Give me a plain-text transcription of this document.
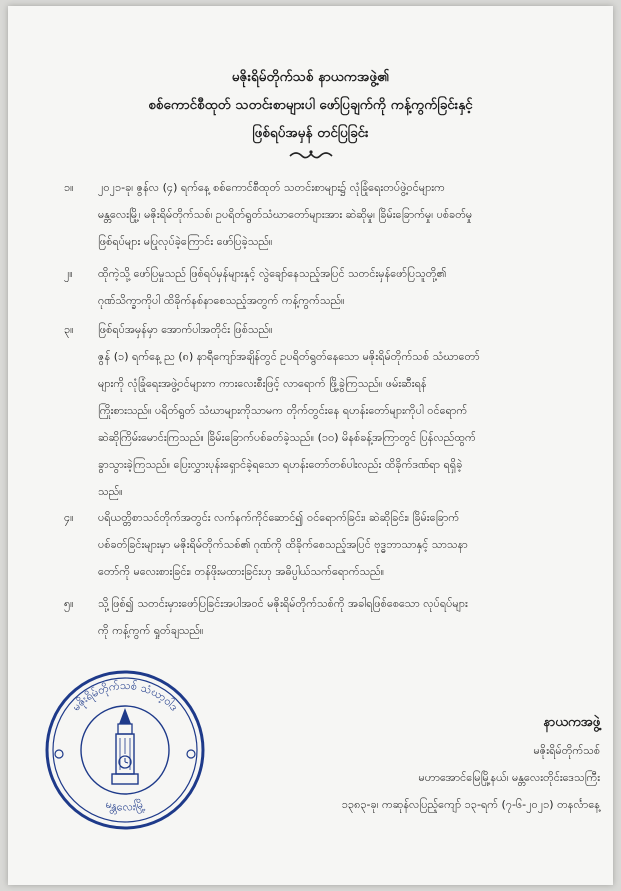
မဇိုးရိမ်တိုက်သစ် နာယကအဖွဲ့၏
စစ်ကောင်စီထုတ် သတင်းစာများပါ ဖော်ပြချက်ကို ကန့်ကွက်ခြင်းနှင့်
ဖြစ်ရပ်အမှန် တင်ပြခြင်း
၁။	၂၀၂၁-ခု၊ ဇွန်လ (၄) ရက်နေ့ စစ်ကောင်စီထုတ် သတင်းစာများ၌ လုံခြုံရေးတပ်ဖွဲ့ဝင်များက
မန္တလေးမြို့၊ မဇိုးရိမ်တိုက်သစ်၊ ဥပရိတ်ရွတ်သံဃာတော်များအား ဆဲဆိုမှု၊ ခြိမ်းခြောက်မှု၊ ပစ်ခတ်မှု
ဖြစ်ရပ်များ မပြုလုပ်ခဲ့ကြောင်း ဖော်ပြခဲ့သည်။
၂။	ထိုကဲ့သို့ ဖော်ပြမှုသည် ဖြစ်ရပ်မှန်များနှင့် လွဲချော်နေသည့်အပြင် သတင်းမှန်ဖော်ပြသူတို့၏
ဂုဏ်သိက္ခာကိုပါ ထိခိုက်နစ်နာစေသည့်အတွက် ကန့်ကွက်သည်။
၃။	ဖြစ်ရပ်အမှန်မှာ အောက်ပါအတိုင်း ဖြစ်သည်။
ဇွန် (၁) ရက်နေ့ ည (၈) နာရီကျော်အချိန်တွင် ဥပရိတ်ရွတ်နေသော မဇိုးရိမ်တိုက်သစ် သံဃာတော်
များကို လုံခြုံရေးအဖွဲ့ဝင်များက ကားလေးစီးဖြင့် လာရောက် ဖြို့ခွဲကြသည်။ ဖမ်းဆီးရန်
ကြိုးစားသည်။ ပရိတ်ရွတ် သံဃာများကိုသာမက တိုက်တွင်းနေ ရဟန်းတော်များကိုပါ ဝင်ရောက်
ဆဲဆိုကြိမ်းမောင်းကြသည်။ ခြိမ်းခြောက်ပစ်ခတ်ခဲ့သည်။ (၁၀) မိနစ်ခန့်အကြာတွင် ပြန်လည်ထွက်
ခွာသွားခဲ့ကြသည်။ ပြေးလွှားပုန်းရှောင်ခဲ့ရသော ရဟန်းတော်တစ်ပါးလည်း ထိခိုက်ဒဏ်ရာ ရရှိခဲ့
သည်။
၄။	ပရိယတ္တိစာသင်တိုက်အတွင်း လက်နက်ကိုင်ဆောင်၍ ဝင်ရောက်ခြင်း၊ ဆဲဆိုခြင်း၊ ခြိမ်းခြောက်
ပစ်ခတ်ခြင်းများမှာ မဇိုးရိမ်တိုက်သစ်၏ ဂုဏ်ကို ထိခိုက်စေသည့်အပြင် ဗုဒ္ဓဘာသာနှင့် သာသနာ
တော်ကို မလေးစားခြင်း၊ တန်ဖိုးမထားခြင်းဟု အဓိပ္ပါယ်သက်ရောက်သည်။
၅။	သို့ဖြစ်၍ သတင်းမှားဖော်ပြခြင်းအပါအဝင် မဇိုးရိမ်တိုက်သစ်ကို အခါရဖြစ်စေသော လုပ်ရပ်များ
ကို ကန့်ကွက် ရှုတ်ချသည်။
မဇိုးရိမ်တိုက်သစ် သံဃာ့ဝါဒ
မန္တလေးမြို့
နာယကအဖွဲ့
မဇိုးရိမ်တိုက်သစ်
မဟာအောင်မြေမြို့နယ်၊ မန္တလေးတိုင်းဒေသကြီး
၁၃၈၃-ခု၊ ကဆုန်လပြည့်ကျော် ၁၃-ရက် (၇-၆-၂၀၂၁) တနင်္လာနေ့
